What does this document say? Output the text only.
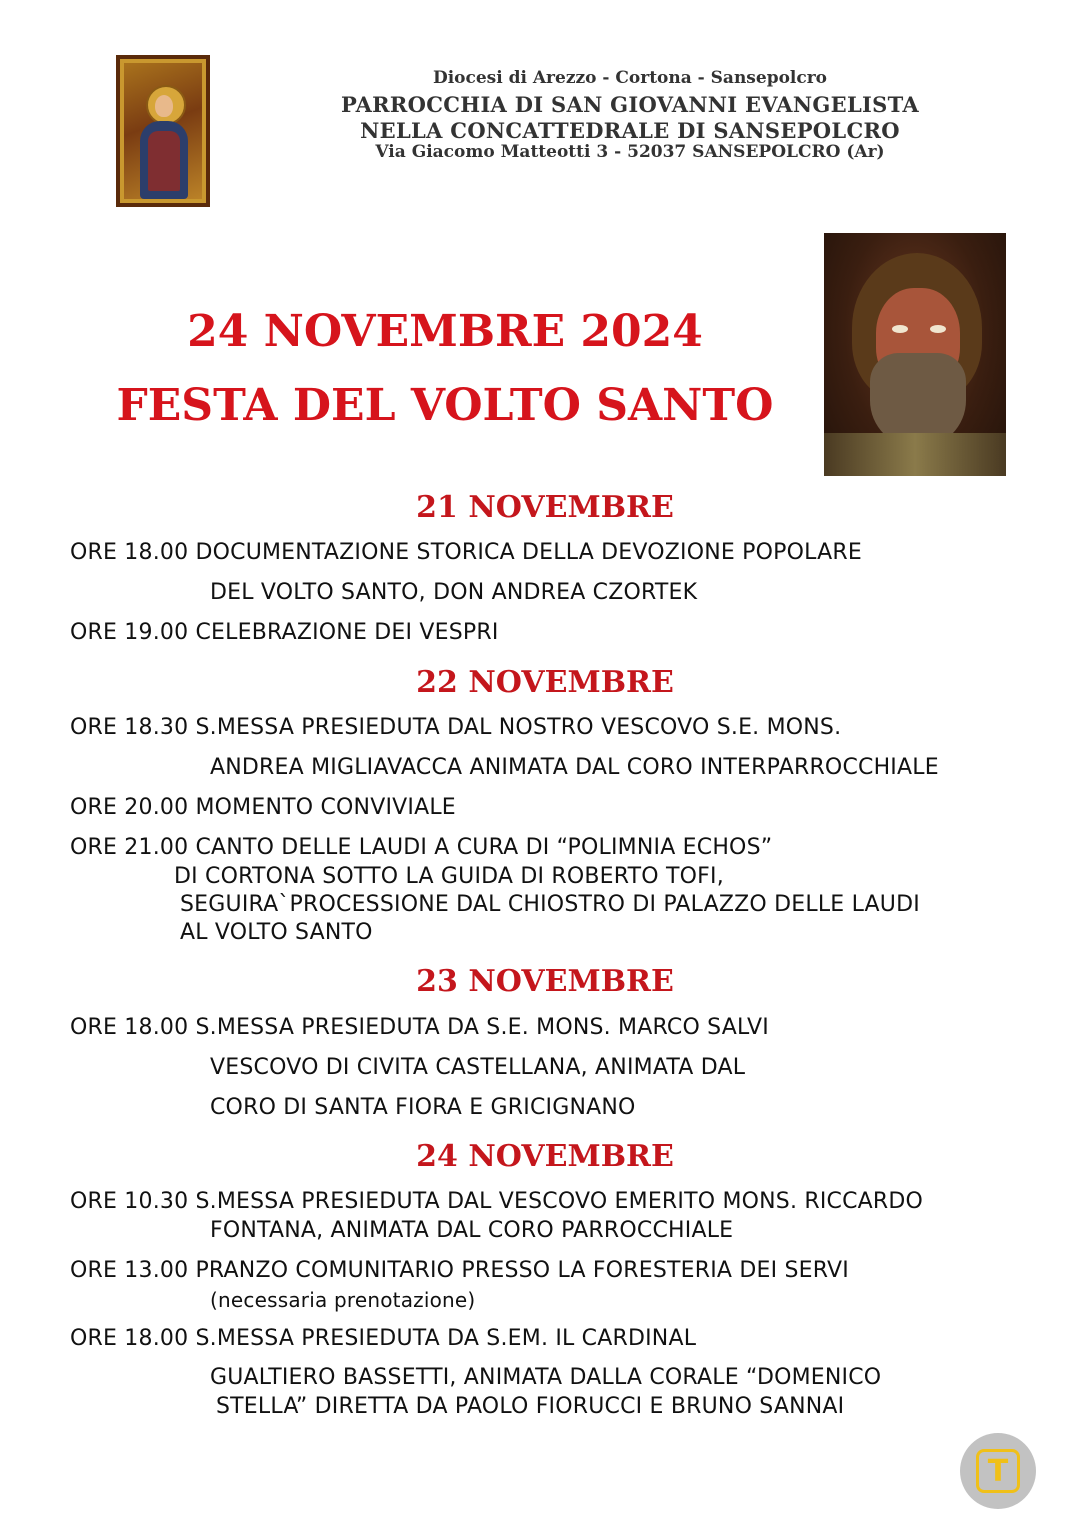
Diocesi di Arezzo - Cortona - Sansepolcro
PARROCCHIA DI SAN GIOVANNI EVANGELISTA
NELLA CONCATTEDRALE DI SANSEPOLCRO
Via Giacomo Matteotti 3 - 52037 SANSEPOLCRO (Ar)
24 NOVEMBRE 2024
FESTA DEL VOLTO SANTO
21 NOVEMBRE
ORE 18.00 DOCUMENTAZIONE STORICA DELLA DEVOZIONE POPOLARE
DEL VOLTO SANTO, DON ANDREA CZORTEK
ORE 19.00 CELEBRAZIONE DEI VESPRI
22 NOVEMBRE
ORE 18.30 S.MESSA PRESIEDUTA DAL NOSTRO VESCOVO S.E. MONS.
ANDREA MIGLIAVACCA ANIMATA DAL CORO INTERPARROCCHIALE
ORE 20.00 MOMENTO CONVIVIALE
ORE 21.00 CANTO DELLE LAUDI A CURA DI “POLIMNIA ECHOS”
DI CORTONA SOTTO LA GUIDA DI ROBERTO TOFI,
SEGUIRA`PROCESSIONE DAL CHIOSTRO DI PALAZZO DELLE LAUDI
AL VOLTO SANTO
23 NOVEMBRE
ORE 18.00 S.MESSA PRESIEDUTA DA S.E. MONS. MARCO SALVI
VESCOVO DI CIVITA CASTELLANA, ANIMATA DAL
CORO DI SANTA FIORA E GRICIGNANO
24 NOVEMBRE
ORE 10.30 S.MESSA PRESIEDUTA DAL VESCOVO EMERITO MONS. RICCARDO
FONTANA, ANIMATA DAL CORO PARROCCHIALE
ORE 13.00 PRANZO COMUNITARIO PRESSO LA FORESTERIA DEI SERVI
(necessaria prenotazione)
ORE 18.00 S.MESSA PRESIEDUTA DA S.EM. IL CARDINAL
GUALTIERO BASSETTI, ANIMATA DALLA CORALE “DOMENICO
STELLA” DIRETTA DA PAOLO FIORUCCI E BRUNO SANNAI
T
